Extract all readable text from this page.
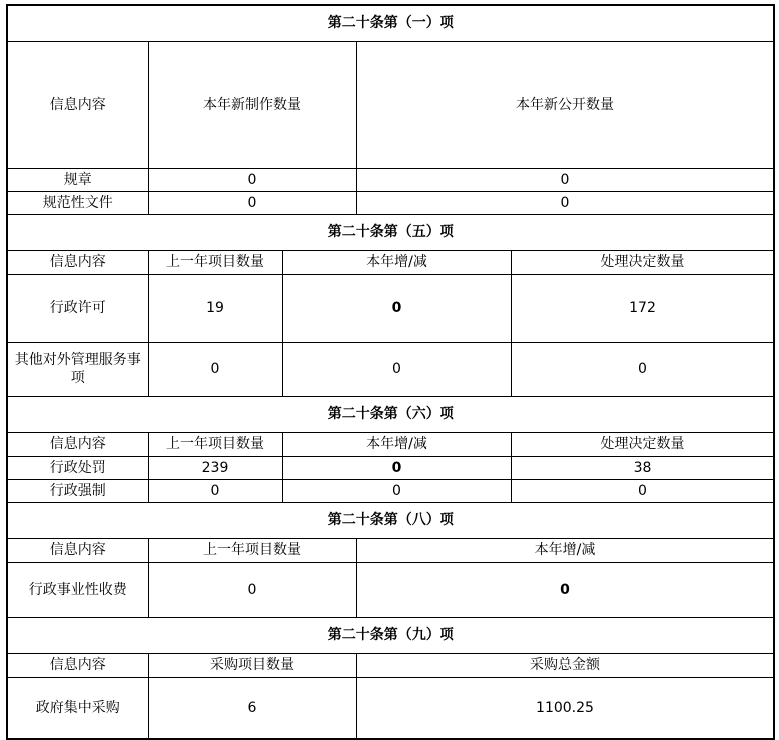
第二十条第（一）项					
信息内容	本年新制作数量		本年新公开数量	
规章	0		0	
规范性文件	0		0	
第二十条第（五）项					
信息内容	上一年项目数量	本年增/减		处理决定数量	
行政许可	19	0		172	
其他对外管理服务事项	0	0		0	
第二十条第（六）项					
信息内容	上一年项目数量	本年增/减		处理决定数量	
行政处罚	239	0		38	
行政强制	0	0		0	
第二十条第（八）项					
信息内容	上一年项目数量		本年增/减		
行政事业性收费	0		0		
第二十条第（九）项					
信息内容	采购项目数量		采购总金额		
政府集中采购	6		1100.25		
